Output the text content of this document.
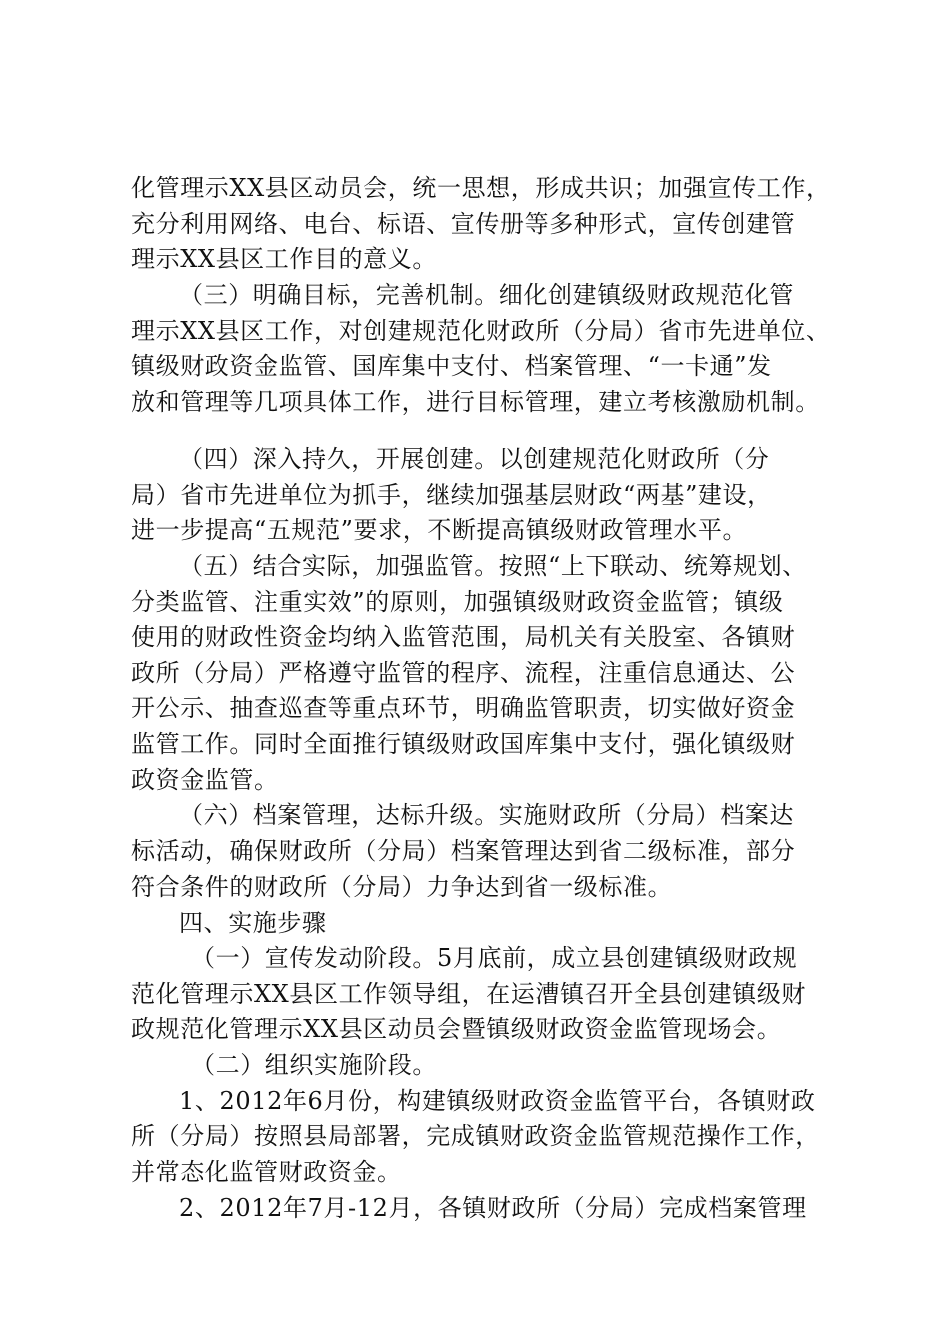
化管理示XX县区动员会，统一思想，形成共识；加强宣传工作，
充分利用网络、电台、标语、宣传册等多种形式，宣传创建管
理示XX县区工作目的意义。
（三）明确目标，完善机制。细化创建镇级财政规范化管
理示XX县区工作，对创建规范化财政所（分局）省市先进单位、
镇级财政资金监管、国库集中支付、档案管理、“一卡通”发
放和管理等几项具体工作，进行目标管理，建立考核激励机制。
（四）深入持久，开展创建。以创建规范化财政所（分
局）省市先进单位为抓手，继续加强基层财政“两基”建设，
进一步提高“五规范”要求，不断提高镇级财政管理水平。
（五）结合实际，加强监管。按照“上下联动、统筹规划、
分类监管、注重实效”的原则，加强镇级财政资金监管；镇级
使用的财政性资金均纳入监管范围，局机关有关股室、各镇财
政所（分局）严格遵守监管的程序、流程，注重信息通达、公
开公示、抽查巡查等重点环节，明确监管职责，切实做好资金
监管工作。同时全面推行镇级财政国库集中支付，强化镇级财
政资金监管。
（六）档案管理，达标升级。实施财政所（分局）档案达
标活动，确保财政所（分局）档案管理达到省二级标准，部分
符合条件的财政所（分局）力争达到省一级标准。
四、实施步骤
（一）宣传发动阶段。5月底前，成立县创建镇级财政规
范化管理示XX县区工作领导组，在运漕镇召开全县创建镇级财
政规范化管理示XX县区动员会暨镇级财政资金监管现场会。
（二）组织实施阶段。
1、2012年6月份，构建镇级财政资金监管平台，各镇财政
所（分局）按照县局部署，完成镇财政资金监管规范操作工作，
并常态化监管财政资金。
2、2012年7月-12月，各镇财政所（分局）完成档案管理
